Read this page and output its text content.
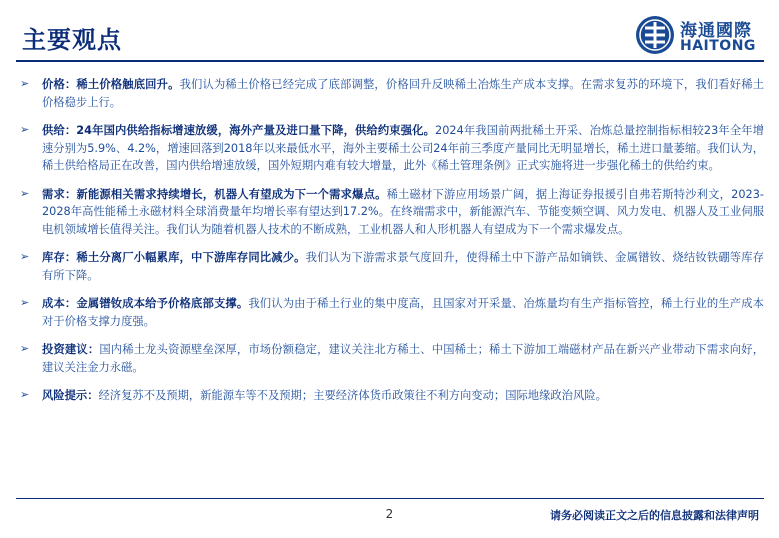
主要观点	海通國際
HAITONG
➢ 价格：稀土价格触底回升。我们认为稀土价格已经完成了底部调整，价格回升反映稀土冶炼生产成本支撑。在需求复苏的环境下，我们看好稀土价格稳步上行。
➢ 供给：24年国内供给指标增速放缓，海外产量及进口量下降，供给约束强化。2024年我国前两批稀土开采、冶炼总量控制指标相较23年全年增速分别为5.9%、4.2%，增速回落到2018年以来最低水平，海外主要稀土公司24年前三季度产量同比无明显增长，稀土进口量萎缩。我们认为，稀土供给格局正在改善，国内供给增速放缓，国外短期内难有较大增量，此外《稀土管理条例》正式实施将进一步强化稀土的供给约束。
➢ 需求：新能源相关需求持续增长，机器人有望成为下一个需求爆点。稀土磁材下游应用场景广阔，据上海证券报援引自弗若斯特沙利文，2023-2028年高性能稀土永磁材料全球消费量年均增长率有望达到17.2%。在终端需求中，新能源汽车、节能变频空调、风力发电、机器人及工业伺服电机领域增长值得关注。我们认为随着机器人技术的不断成熟，工业机器人和人形机器人有望成为下一个需求爆发点。
➢ 库存：稀土分离厂小幅累库，中下游库存同比减少。我们认为下游需求景气度回升，使得稀土中下游产品如镝铁、金属镨钕、烧结钕铁硼等库存有所下降。
➢ 成本：金属镨钕成本给予价格底部支撑。我们认为由于稀土行业的集中度高，且国家对开采量、冶炼量均有生产指标管控，稀土行业的生产成本对于价格支撑力度强。
➢ 投资建议：国内稀土龙头资源壁垒深厚，市场份额稳定，建议关注北方稀土、中国稀土；稀土下游加工端磁材产品在新兴产业带动下需求向好，建议关注金力永磁。
➢ 风险提示：经济复苏不及预期，新能源车等不及预期；主要经济体货币政策往不利方向变动；国际地缘政治风险。
2	请务必阅读正文之后的信息披露和法律声明
